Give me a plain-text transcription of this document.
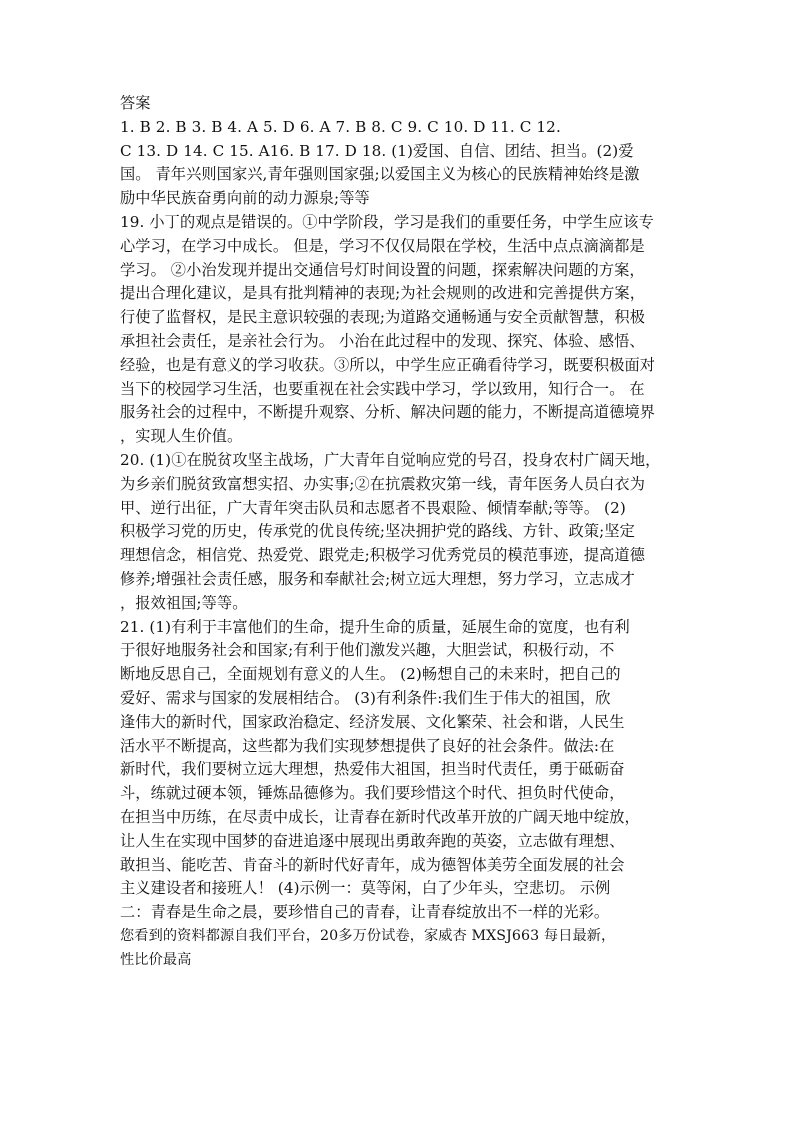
答案
1. B 2. B 3. B 4. A 5. D 6. A 7. B 8. C 9. C 10. D 11. C 12.
C 13. D 14. C 15. A16. B 17. D 18. (1)爱国、自信、团结、担当。(2)爱
国。 青年兴则国家兴,青年强则国家强;以爱国主义为核心的民族精神始终是激
励中华民族奋勇向前的动力源泉;等等
19. 小丁的观点是错误的。①中学阶段，学习是我们的重要任务，中学生应该专
心学习，在学习中成长。 但是，学习不仅仅局限在学校，生活中点点滴滴都是
学习。 ②小治发现并提出交通信号灯时间设置的问题，探索解决问题的方案，
提出合理化建议，是具有批判精神的表现;为社会规则的改进和完善提供方案，
行使了监督权，是民主意识较强的表现;为道路交通畅通与安全贡献智慧，积极
承担社会责任，是亲社会行为。 小治在此过程中的发现、探究、体验、感悟、
经验，也是有意义的学习收获。③所以，中学生应正确看待学习，既要积极面对
当下的校园学习生活，也要重视在社会实践中学习，学以致用，知行合一。 在
服务社会的过程中，不断提升观察、分析、解决问题的能力，不断提高道德境界
，实现人生价值。
20. (1)①在脱贫攻坚主战场，广大青年自觉响应党的号召，投身农村广阔天地，
为乡亲们脱贫致富想实招、办实事;②在抗震救灾第一线，青年医务人员白衣为
甲、逆行出征，广大青年突击队员和志愿者不畏艰险、倾情奉献;等等。 (2)
积极学习党的历史，传承党的优良传统;坚决拥护党的路线、方针、政策;坚定
理想信念，相信党、热爱党、跟党走;积极学习优秀党员的模范事迹，提高道德
修养;增强社会责任感，服务和奉献社会;树立远大理想，努力学习，立志成才
，报效祖国;等等。
21. (1)有利于丰富他们的生命，提升生命的质量，延展生命的宽度，也有利
于很好地服务社会和国家;有利于他们激发兴趣，大胆尝试，积极行动，不
断地反思自己，全面规划有意义的人生。 (2)畅想自己的未来时，把自己的
爱好、需求与国家的发展相结合。 (3)有利条件:我们生于伟大的祖国，欣
逢伟大的新时代，国家政治稳定、经济发展、文化繁荣、社会和谐，人民生
活水平不断提高，这些都为我们实现梦想提供了良好的社会条件。做法:在
新时代，我们要树立远大理想，热爱伟大祖国，担当时代责任，勇于砥砺奋
斗，练就过硬本领，锤炼品德修为。我们要珍惜这个时代、担负时代使命，
在担当中历练，在尽责中成长，让青春在新时代改革开放的广阔天地中绽放，
让人生在实现中国梦的奋进追逐中展现出勇敢奔跑的英姿，立志做有理想、
敢担当、能吃苦、肯奋斗的新时代好青年，成为德智体美劳全面发展的社会
主义建设者和接班人！ (4)示例一：莫等闲，白了少年头，空悲切。 示例
二：青春是生命之晨，要珍惜自己的青春，让青春绽放出不一样的光彩。
您看到的资料都源自我们平台，20多万份试卷，家威杏 MXSJ663 每日最新，
性比价最高
